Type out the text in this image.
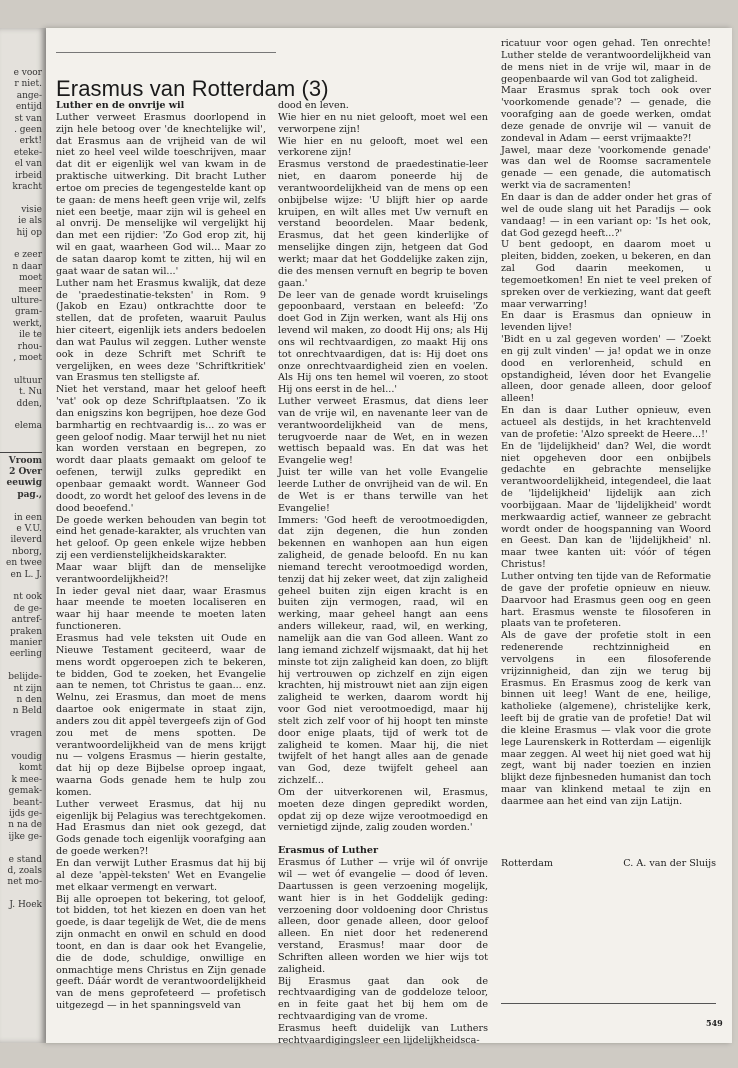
e voor
r niet.
ange-
entijd
st van
. geen
erkt!
eteke-
el van
irbeid
kracht
visie
ie als
hij op
e zeer
n daar
moet
meer
ulture-
gram-
werkt,
ile te
rhou-
, moet
ultuur
t. Nu
dden,
elema
Vroom
2 Over
eeuwig
pag.,
in een
e V.U.
ileverd
nborg,
en twee
en L. J.
nt ook
de ge-
antref-
praken
manier
eerling
belijde-
nt zijn
n den
n Beld
vragen
voudig
komt
k mee-
gemak-
beant-
ijds ge-
n na de
ijke ge-
e stand
d, zoals
net mo-
J. Hoek
Erasmus van Rotterdam (3)
Luther en de onvrije wil

Luther verweet Erasmus doorlopend in zijn hele betoog over 'de knechtelijke wil', dat Erasmus aan de vrijheid van de wil niet zo heel veel wilde toeschrijven, maar dat dit er eigenlijk wel van kwam in de praktische uitwerking. Dit bracht Luther ertoe om precies de tegengestelde kant op te gaan: de mens heeft geen vrije wil, zelfs niet een beetje, maar zijn wil is geheel en al onvrij. De menselijke wil vergelijkt hij dan met een rijdier: 'Zo God erop zit, hij wil en gaat, waarheen God wil... Maar zo de satan daarop komt te zitten, hij wil en gaat waar de satan wil...'

Luther nam het Erasmus kwalijk, dat deze de 'praedestinatie-teksten' in Rom. 9 (Jakob en Ezau) ontkrachtte door te stellen, dat de profeten, waaruit Paulus hier citeert, eigenlijk iets anders bedoelen dan wat Paulus wil zeggen. Luther wenste ook in deze Schrift met Schrift te vergelijken, en wees deze 'Schriftkritiek' van Erasmus ten stelligste af.

Niet het verstand, maar het geloof heeft 'vat' ook op deze Schriftplaatsen. 'Zo ik dan enigszins kon begrijpen, hoe deze God barmhartig en rechtvaardig is... zo was er geen geloof nodig. Maar terwijl het nu niet kan worden verstaan en begrepen, zo wordt daar plaats gemaakt om geloof te oefenen, terwijl zulks gepredikt en openbaar gemaakt wordt. Wanneer God doodt, zo wordt het geloof des levens in de dood beoefend.'

De goede werken behouden van begin tot eind het genade-karakter, als vruchten van het geloof. Op geen enkele wijze hebben zij een verdienstelijkheidskarakter.

Maar waar blijft dan de menselijke verantwoordelijkheid?!

In ieder geval niet daar, waar Erasmus haar meende te moeten localiseren en waar hij haar meende te moeten laten functioneren.

Erasmus had vele teksten uit Oude en Nieuwe Testament geciteerd, waar de mens wordt opgeroepen zich te bekeren, te bidden, God te zoeken, het Evangelie aan te nemen, tot Christus te gaan... enz. Welnu, zei Erasmus, dan moet de mens daartoe ook enigermate in staat zijn, anders zou dit appèl tevergeefs zijn of God zou met de mens spotten. De verantwoordelijkheid van de mens krijgt nu — volgens Erasmus — hierin gestalte, dat hij op deze Bijbelse oproep ingaat, waarna Gods genade hem te hulp zou komen.

Luther verweet Erasmus, dat hij nu eigenlijk bij Pelagius was terechtgekomen. Had Erasmus dan niet ook gezegd, dat Gods genade toch eigenlijk voorafging aan de goede werken?!

En dan verwijt Luther Erasmus dat hij bij al deze 'appèl-teksten' Wet en Evangelie met elkaar vermengt en verwart.

Bij alle oproepen tot bekering, tot geloof, tot bidden, tot het kiezen en doen van het goede, is daar tegelijk de Wet, die de mens zijn onmacht en onwil en schuld en dood toont, en dan is daar ook het Evangelie, die de dode, schuldige, onwillige en onmachtige mens Christus en Zijn genade geeft. Dáár wordt de verantwoordelijkheid van de mens geprofeteerd — profetisch uitgezegd — in het spanningsveld van

dood en leven.

Wie hier en nu niet gelooft, moet wel een verworpene zijn!

Wie hier en nu gelooft, moet wel een verkorene zijn!

Erasmus verstond de praedestinatie-leer niet, en daarom poneerde hij de verantwoordelijkheid van de mens op een onbijbelse wijze: 'U blijft hier op aarde kruipen, en wilt alles met Uw vernuft en verstand beoordelen. Maar bedenk, Erasmus, dat het geen kinderlijke of menselijke dingen zijn, hetgeen dat God werkt; maar dat het Goddelijke zaken zijn, die des mensen vernuft en begrip te boven gaan.'

De leer van de genade wordt kruiselings gepoonbaard, verstaan en beleefd: 'Zo doet God in Zijn werken, want als Hij ons levend wil maken, zo doodt Hij ons; als Hij ons wil rechtvaardigen, zo maakt Hij ons tot onrechtvaardigen, dat is: Hij doet ons onze onrechtvaardigheid zien en voelen. Als Hij ons ten hemel wil voeren, zo stoot Hij ons eerst in de hel...'

Luther verweet Erasmus, dat diens leer van de vrije wil, en navenante leer van de verantwoordelijkheid van de mens, terugvoerde naar de Wet, en in wezen wettisch bepaald was. En dat was het Evangelie weg!

Juist ter wille van het volle Evangelie leerde Luther de onvrijheid van de wil. En de Wet is er thans terwille van het Evangelie!

Immers: 'God heeft de verootmoedigden, dat zijn degenen, die hun zonden bekennen en wanhopen aan hun eigen zaligheid, de genade beloofd. En nu kan niemand terecht verootmoedigd worden, tenzij dat hij zeker weet, dat zijn zaligheid geheel buiten zijn eigen kracht is en buiten zijn vermogen, raad, wil en werking, maar geheel hangt aan eens anders willekeur, raad, wil, en werking, namelijk aan die van God alleen. Want zo lang iemand zichzelf wijsmaakt, dat hij het minste tot zijn zaligheid kan doen, zo blijft hij vertrouwen op zichzelf en zijn eigen krachten, hij mistrouwt niet aan zijn eigen zaligheid te werken, daarom wordt hij voor God niet verootmoedigd, maar hij stelt zich zelf voor of hij hoopt ten minste door enige plaats, tijd of werk tot de zaligheid te komen. Maar hij, die niet twijfelt of het hangt alles aan de genade van God, deze twijfelt geheel aan zichzelf...

Om der uitverkorenen wil, Erasmus, moeten deze dingen gepredikt worden, opdat zij op deze wijze verootmoedigd en vernietigd zijnde, zalig zouden worden.'

Erasmus of Luther

Erasmus óf Luther — vrije wil óf onvrije wil — wet óf evangelie — dood óf leven. Daartussen is geen verzoening mogelijk, want hier is in het Goddelijk geding: verzoening door voldoening door Christus alleen, door genade alleen, door geloof alleen. En niet door het redenerend verstand, Erasmus! maar door de Schriften alleen worden we hier wijs tot zaligheid.

Bij Erasmus gaat dan ook de rechtvaardiging van de goddeloze teloor, en in feite gaat het bij hem om de rechtvaardiging van de vrome.

Erasmus heeft duidelijk van Luthers rechtvaardigingsleer een lijdelijkheidsca-

ricatuur voor ogen gehad. Ten onrechte! Luther stelde de verantwoordelijkheid van de mens niet in de vrije wil, maar in de geopenbaarde wil van God tot zaligheid.

Maar Erasmus sprak toch ook over 'voorkomende genade'? — genade, die voorafging aan de goede werken, omdat deze genade de onvrije wil — vanuit de zondeval in Adam — eerst vrijmaakte?!

Jawel, maar deze 'voorkomende genade' was dan wel de Roomse sacramentele genade — een genade, die automatisch werkt via de sacramenten!

En daar is dan de adder onder het gras of wel de oude slang uit het Paradijs — ook vandaag! — in een variant op: 'Is het ook, dat God gezegd heeft...?'

U bent gedoopt, en daarom moet u pleiten, bidden, zoeken, u bekeren, en dan zal God daarin meekomen, u tegemoetkomen! En niet te veel preken of spreken over de verkiezing, want dat geeft maar verwarring!

En daar is Erasmus dan opnieuw in levenden lijve!

'Bidt en u zal gegeven worden' — 'Zoekt en gij zult vinden' — ja! opdat we in onze dood en verlorenheid, schuld en opstandigheid, léven door het Evangelie alleen, door genade alleen, door geloof alleen!

En dan is daar Luther opnieuw, even actueel als destijds, in het krachtenveld van de profetie: 'Alzo spreekt de Heere...!'

En de 'lijdelijkheid' dan? Wel, die wordt niet opgeheven door een onbijbels gedachte en gebrachte menselijke verantwoordelijkheid, integendeel, die laat de 'lijdelijkheid' lijdelijk aan zich voorbijgaan. Maar de 'lijdelijkheid' wordt merkwaardig actief, wanneer ze gebracht wordt onder de hoogspanning van Woord en Geest. Dan kan de 'lijdelijkheid' nl. maar twee kanten uit: vóór of tégen Christus!

Luther ontving ten tijde van de Reformatie de gave der profetie opnieuw en nieuw. Daarvoor had Erasmus geen oog en geen hart. Erasmus wenste te filosoferen in plaats van te profeteren.

Als de gave der profetie stolt in een redenerende rechtzinnigheid en vervolgens in een filosoferende vrijzinnigheid, dan zijn we terug bij Erasmus. En Erasmus zoog de kerk van binnen uit leeg! Want de ene, heilige, katholieke (algemene), christelijke kerk, leeft bij de gratie van de profetie! Dat wil die kleine Erasmus — vlak voor die grote lege Laurenskerk in Rotterdam — eigenlijk maar zeggen. Al weet hij niet goed wat hij zegt, want bij nader toezien en inzien blijkt deze fijnbesneden humanist dan toch maar van klinkend metaal te zijn en daarmee aan het eind van zijn Latijn.

Rotterdam	C. A. van der Sluijs
549
